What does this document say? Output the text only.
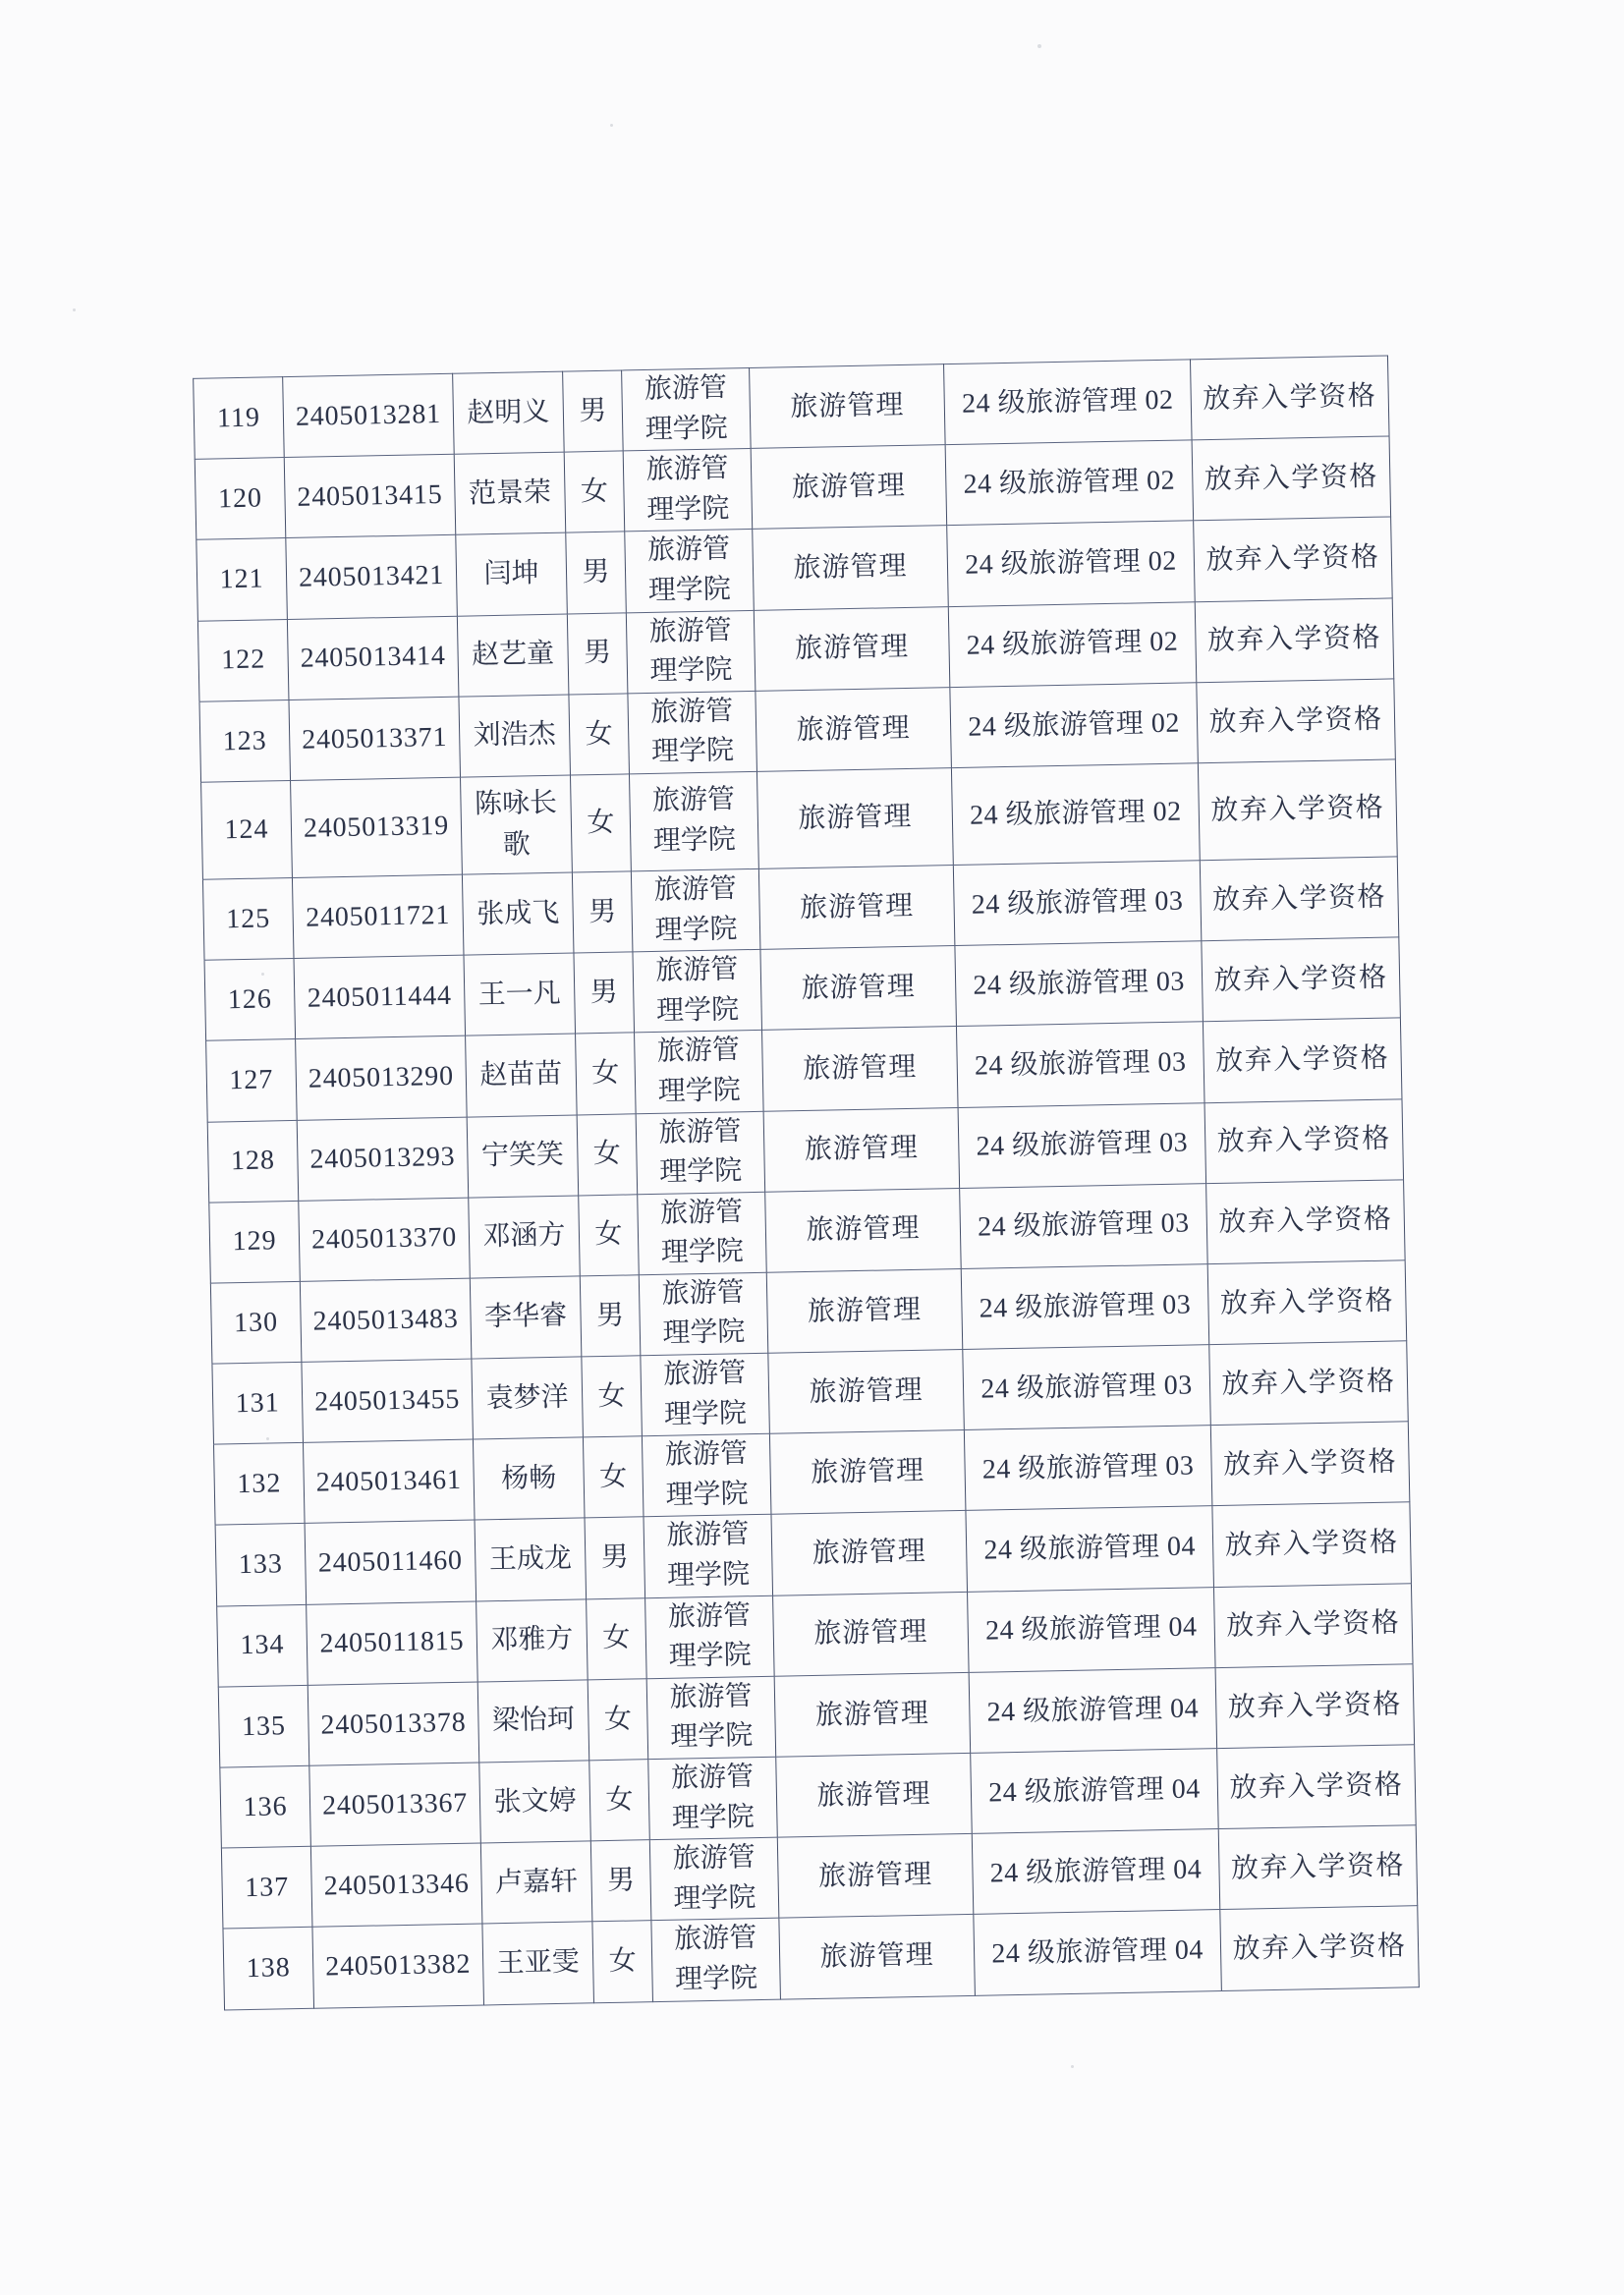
119	2405013281	赵明义	男	旅游管理学院	旅游管理	24 级旅游管理 02	放弃入学资格
120	2405013415	范景荣	女	旅游管理学院	旅游管理	24 级旅游管理 02	放弃入学资格
121	2405013421	闫坤	男	旅游管理学院	旅游管理	24 级旅游管理 02	放弃入学资格
122	2405013414	赵艺童	男	旅游管理学院	旅游管理	24 级旅游管理 02	放弃入学资格
123	2405013371	刘浩杰	女	旅游管理学院	旅游管理	24 级旅游管理 02	放弃入学资格
124	2405013319	陈咏长歌	女	旅游管理学院	旅游管理	24 级旅游管理 02	放弃入学资格
125	2405011721	张成飞	男	旅游管理学院	旅游管理	24 级旅游管理 03	放弃入学资格
126	2405011444	王一凡	男	旅游管理学院	旅游管理	24 级旅游管理 03	放弃入学资格
127	2405013290	赵苗苗	女	旅游管理学院	旅游管理	24 级旅游管理 03	放弃入学资格
128	2405013293	宁笑笑	女	旅游管理学院	旅游管理	24 级旅游管理 03	放弃入学资格
129	2405013370	邓涵方	女	旅游管理学院	旅游管理	24 级旅游管理 03	放弃入学资格
130	2405013483	李华睿	男	旅游管理学院	旅游管理	24 级旅游管理 03	放弃入学资格
131	2405013455	袁梦洋	女	旅游管理学院	旅游管理	24 级旅游管理 03	放弃入学资格
132	2405013461	杨畅	女	旅游管理学院	旅游管理	24 级旅游管理 03	放弃入学资格
133	2405011460	王成龙	男	旅游管理学院	旅游管理	24 级旅游管理 04	放弃入学资格
134	2405011815	邓雅方	女	旅游管理学院	旅游管理	24 级旅游管理 04	放弃入学资格
135	2405013378	梁怡珂	女	旅游管理学院	旅游管理	24 级旅游管理 04	放弃入学资格
136	2405013367	张文婷	女	旅游管理学院	旅游管理	24 级旅游管理 04	放弃入学资格
137	2405013346	卢嘉轩	男	旅游管理学院	旅游管理	24 级旅游管理 04	放弃入学资格
138	2405013382	王亚雯	女	旅游管理学院	旅游管理	24 级旅游管理 04	放弃入学资格
